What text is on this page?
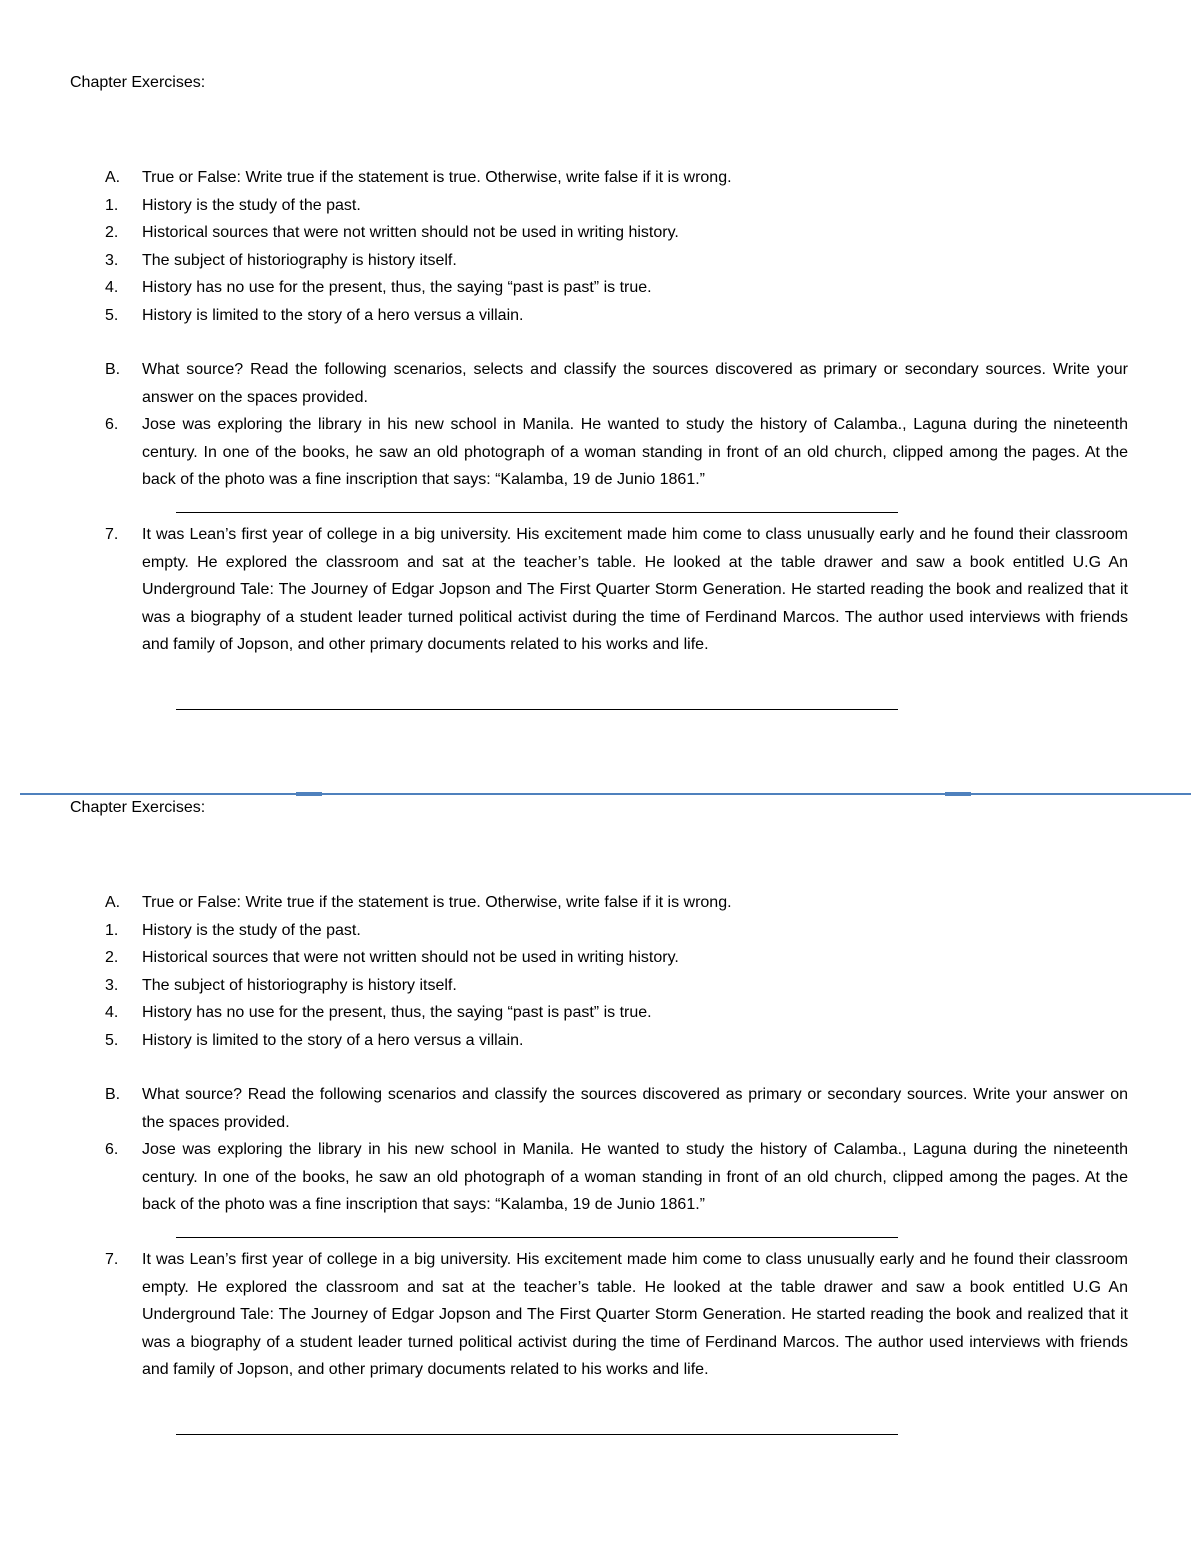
Chapter Exercises:
A.	True or False: Write true if the statement is true. Otherwise, write false if it is wrong.
1.	History is the study of the past.
2.	Historical sources that were not written should not be used in writing history.
3.	The subject of historiography is history itself.
4.	History has no use for the present, thus, the saying “past is past” is true.
5.	History is limited to the story of a hero versus a villain.
B.	What source? Read the following scenarios, selects and classify the sources discovered as primary or secondary sources. Write your answer on the spaces provided.
6.	Jose was exploring the library in his new school in Manila. He wanted to study the history of Calamba., Laguna during the nineteenth century. In one of the books, he saw an old photograph of a woman standing in front of an old church, clipped among the pages. At the back of the photo was a fine inscription that says: “Kalamba, 19 de Junio 1861.”
7.	It was Lean’s first year of college in a big university. His excitement made him come to class unusually early and he found their classroom empty. He explored the classroom and sat at the teacher’s table. He looked at the table drawer and saw a book entitled U.G An Underground Tale: The Journey of Edgar Jopson and The First Quarter Storm Generation. He started reading the book and realized that it was a biography of a student leader turned political activist during the time of Ferdinand Marcos. The author used interviews with friends and family of Jopson, and other primary documents related to his works and life.
Chapter Exercises:
A.	True or False: Write true if the statement is true. Otherwise, write false if it is wrong.
1.	History is the study of the past.
2.	Historical sources that were not written should not be used in writing history.
3.	The subject of historiography is history itself.
4.	History has no use for the present, thus, the saying “past is past” is true.
5.	History is limited to the story of a hero versus a villain.
B.	What source? Read the following scenarios and classify the sources discovered as primary or secondary sources. Write your answer on the spaces provided.
6.	Jose was exploring the library in his new school in Manila. He wanted to study the history of Calamba., Laguna during the nineteenth century. In one of the books, he saw an old photograph of a woman standing in front of an old church, clipped among the pages. At the back of the photo was a fine inscription that says: “Kalamba, 19 de Junio 1861.”
7.	It was Lean’s first year of college in a big university. His excitement made him come to class unusually early and he found their classroom empty. He explored the classroom and sat at the teacher’s table. He looked at the table drawer and saw a book entitled U.G An Underground Tale: The Journey of Edgar Jopson and The First Quarter Storm Generation. He started reading the book and realized that it was a biography of a student leader turned political activist during the time of Ferdinand Marcos. The author used interviews with friends and family of Jopson, and other primary documents related to his works and life.
